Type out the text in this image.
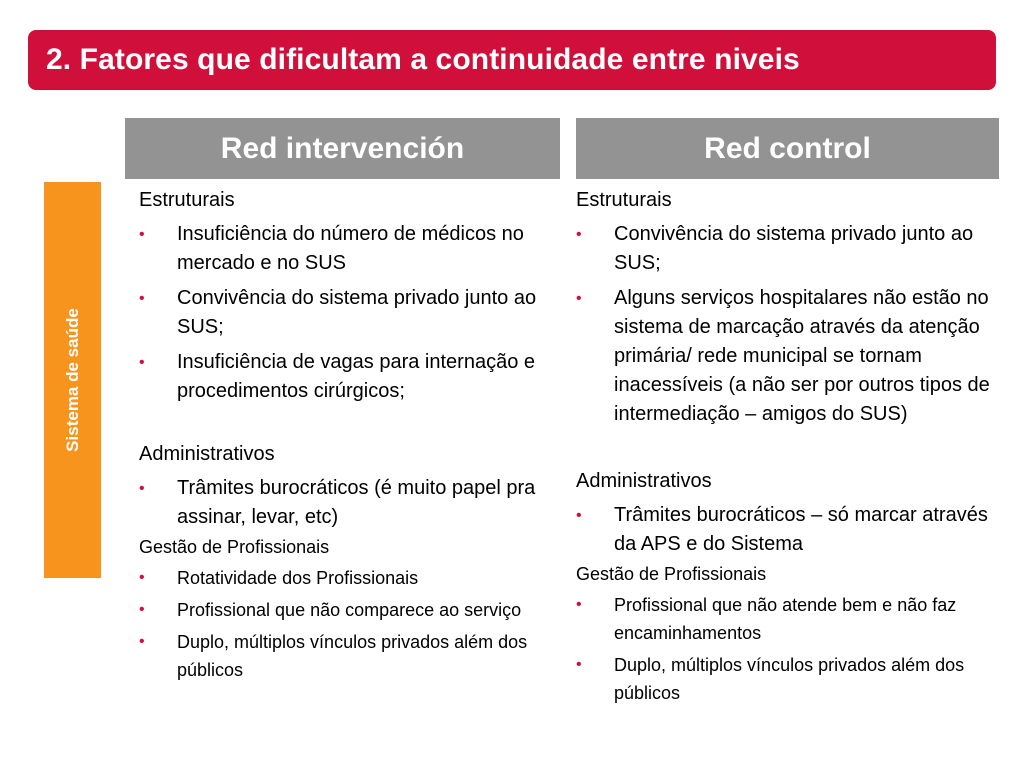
2. Fatores que dificultam a continuidade entre niveis
Red intervención	Red control
Sistema de saúde

Estruturais

• Insuficiência do número de médicos no mercado e no SUS
• Convivência do sistema privado junto ao SUS;
• Insuficiência de vagas para internação e procedimentos cirúrgicos;

Administrativos

• Trâmites burocráticos (é muito papel pra assinar, levar, etc)

Gestão de Profissionais

• Rotatividade dos Profissionais
• Profissional que não comparece ao serviço
• Duplo, múltiplos vínculos privados além dos públicos

Estruturais

• Convivência do sistema privado junto ao SUS;
• Alguns serviços hospitalares não estão no sistema de marcação através da atenção primária/ rede municipal se tornam inacessíveis (a não ser por outros tipos de intermediação – amigos do SUS)

Administrativos

• Trâmites burocráticos – só marcar através da APS e do Sistema

Gestão de Profissionais

• Profissional que não atende bem e não faz encaminhamentos
• Duplo, múltiplos vínculos privados além dos públicos
